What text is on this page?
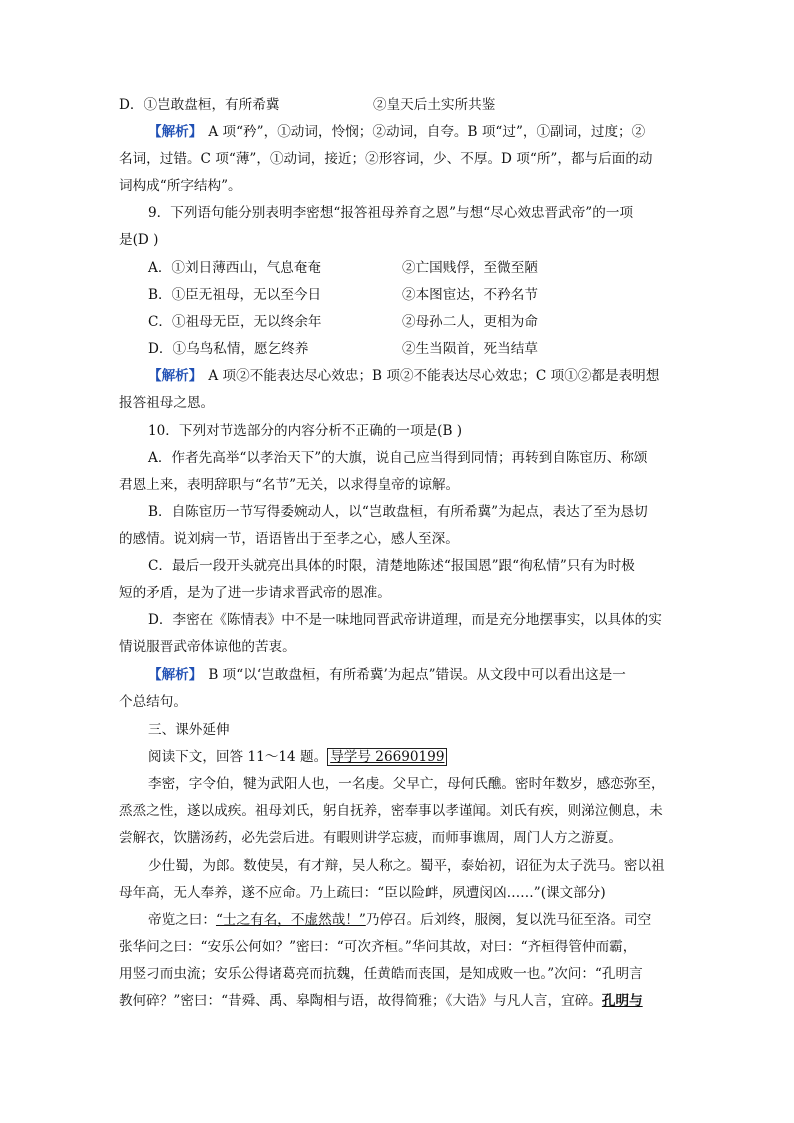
D．①岂敢盘桓，有所希冀	②皇天后土实所共鉴
【解析】 A 项“矜”，①动词，怜悯；②动词，自夸。B 项“过”，①副词，过度；②
名词，过错。C 项“薄”，①动词，接近；②形容词，少、不厚。D 项“所”，都与后面的动
词构成“所字结构”。
9．下列语句能分别表明李密想“报答祖母养育之恩”与想“尽心效忠晋武帝”的一项
是(D )
A．①刘日薄西山，气息奄奄	②亡国贱俘，至微至陋
B．①臣无祖母，无以至今日	②本图宦达，不矜名节
C．①祖母无臣，无以终余年	②母孙二人，更相为命
D．①乌鸟私情，愿乞终养	②生当陨首，死当结草
【解析】 A 项②不能表达尽心效忠；B 项②不能表达尽心效忠；C 项①②都是表明想
报答祖母之恩。
10．下列对节选部分的内容分析不正确的一项是(B )
A．作者先高举“以孝治天下”的大旗，说自己应当得到同情；再转到自陈宦历、称颂
君恩上来，表明辞职与“名节”无关，以求得皇帝的谅解。
B．自陈宦历一节写得委婉动人，以“岂敢盘桓，有所希冀”为起点，表达了至为恳切
的感情。说刘病一节，语语皆出于至孝之心，感人至深。
C．最后一段开头就亮出具体的时限，清楚地陈述“报国恩”跟“徇私情”只有为时极
短的矛盾，是为了进一步请求晋武帝的恩准。
D．李密在《陈情表》中不是一味地同晋武帝讲道理，而是充分地摆事实，以具体的实
情说服晋武帝体谅他的苦衷。
【解析】 B 项“以‘岂敢盘桓，有所希冀’为起点”错误。从文段中可以看出这是一
个总结句。
三、课外延伸
阅读下文，回答 11～14 题。 导学号 26690199
李密，字令伯，犍为武阳人也，一名虔。父早亡，母何氏醮。密时年数岁，感恋弥至，
烝烝之性，遂以成疾。祖母刘氏，躬自抚养，密奉事以孝谨闻。刘氏有疾，则涕泣侧息，未
尝解衣，饮膳汤药，必先尝后进。有暇则讲学忘疲，而师事谯周，周门人方之游夏。
少仕蜀，为郎。数使吴，有才辩，吴人称之。蜀平，泰始初，诏征为太子洗马。密以祖
母年高，无人奉养，遂不应命。乃上疏曰：“臣以险衅，夙遭闵凶……”(课文部分)
帝览之曰：“士之有名，不虚然哉！”乃停召。后刘终，服阕，复以洗马征至洛。司空
张华问之曰：“安乐公何如？”密曰：“可次齐桓。”华问其故，对曰：“齐桓得管仲而霸，
用竖刁而虫流；安乐公得诸葛亮而抗魏，任黄皓而丧国，是知成败一也。”次问：“孔明言
教何碎？”密曰：“昔舜、禹、皋陶相与语，故得简雅；《大诰》与凡人言，宜碎。孔明与
